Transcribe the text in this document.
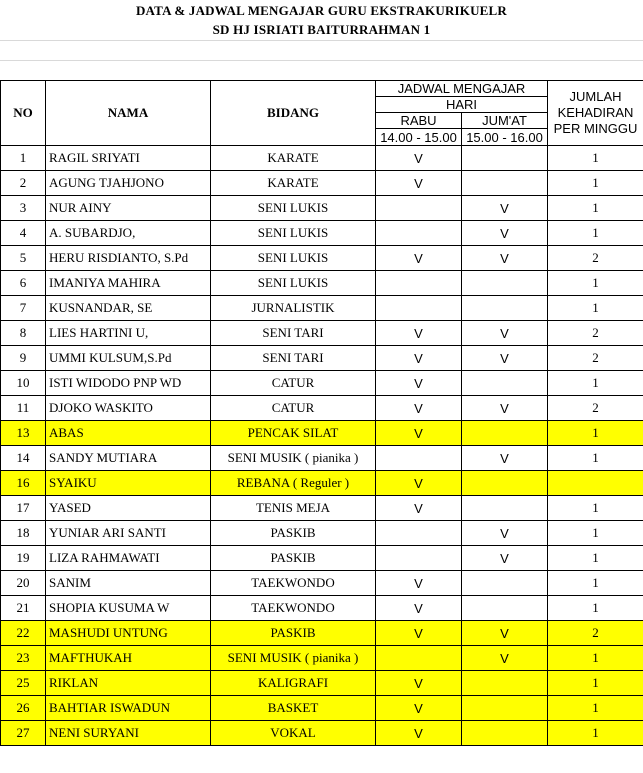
DATA & JADWAL MENGAJAR GURU EKSTRAKURIKUELR
SD HJ ISRIATI BAITURRAHMAN 1
NO	NAMA	BIDANG	JADWAL MENGAJAR		JUMLAH
KEHADIRAN
PER MINGGU

			HARI		
			RABU	JUM'AT	
			14.00 - 15.00	15.00 - 16.00	
1	RAGIL SRIYATI	KARATE	V		1
2	AGUNG TJAHJONO	KARATE	V		1
3	NUR AINY	SENI LUKIS		V	1
4	A. SUBARDJO,	SENI LUKIS		V	1
5	HERU RISDIANTO, S.Pd	SENI LUKIS	V	V	2
6	IMANIYA MAHIRA	SENI LUKIS			1
7	KUSNANDAR, SE	JURNALISTIK			1
8	LIES HARTINI U,	SENI TARI	V	V	2
9	UMMI KULSUM,S.Pd	SENI TARI	V	V	2
10	ISTI WIDODO PNP WD	CATUR	V		1
11	DJOKO WASKITO	CATUR	V	V	2
13	ABAS	PENCAK SILAT	V		1
14	SANDY MUTIARA	SENI MUSIK ( pianika )		V	1
16	SYAIKU	REBANA ( Reguler )	V		
17	YASED	TENIS MEJA	V		1
18	YUNIAR ARI SANTI	PASKIB		V	1
19	LIZA RAHMAWATI	PASKIB		V	1
20	SANIM	TAEKWONDO	V		1
21	SHOPIA KUSUMA W	TAEKWONDO	V		1
22	MASHUDI UNTUNG	PASKIB	V	V	2
23	MAFTHUKAH	SENI MUSIK ( pianika )		V	1
25	RIKLAN	KALIGRAFI	V		1
26	BAHTIAR ISWADUN	BASKET	V		1
27	NENI SURYANI	VOKAL	V		1
